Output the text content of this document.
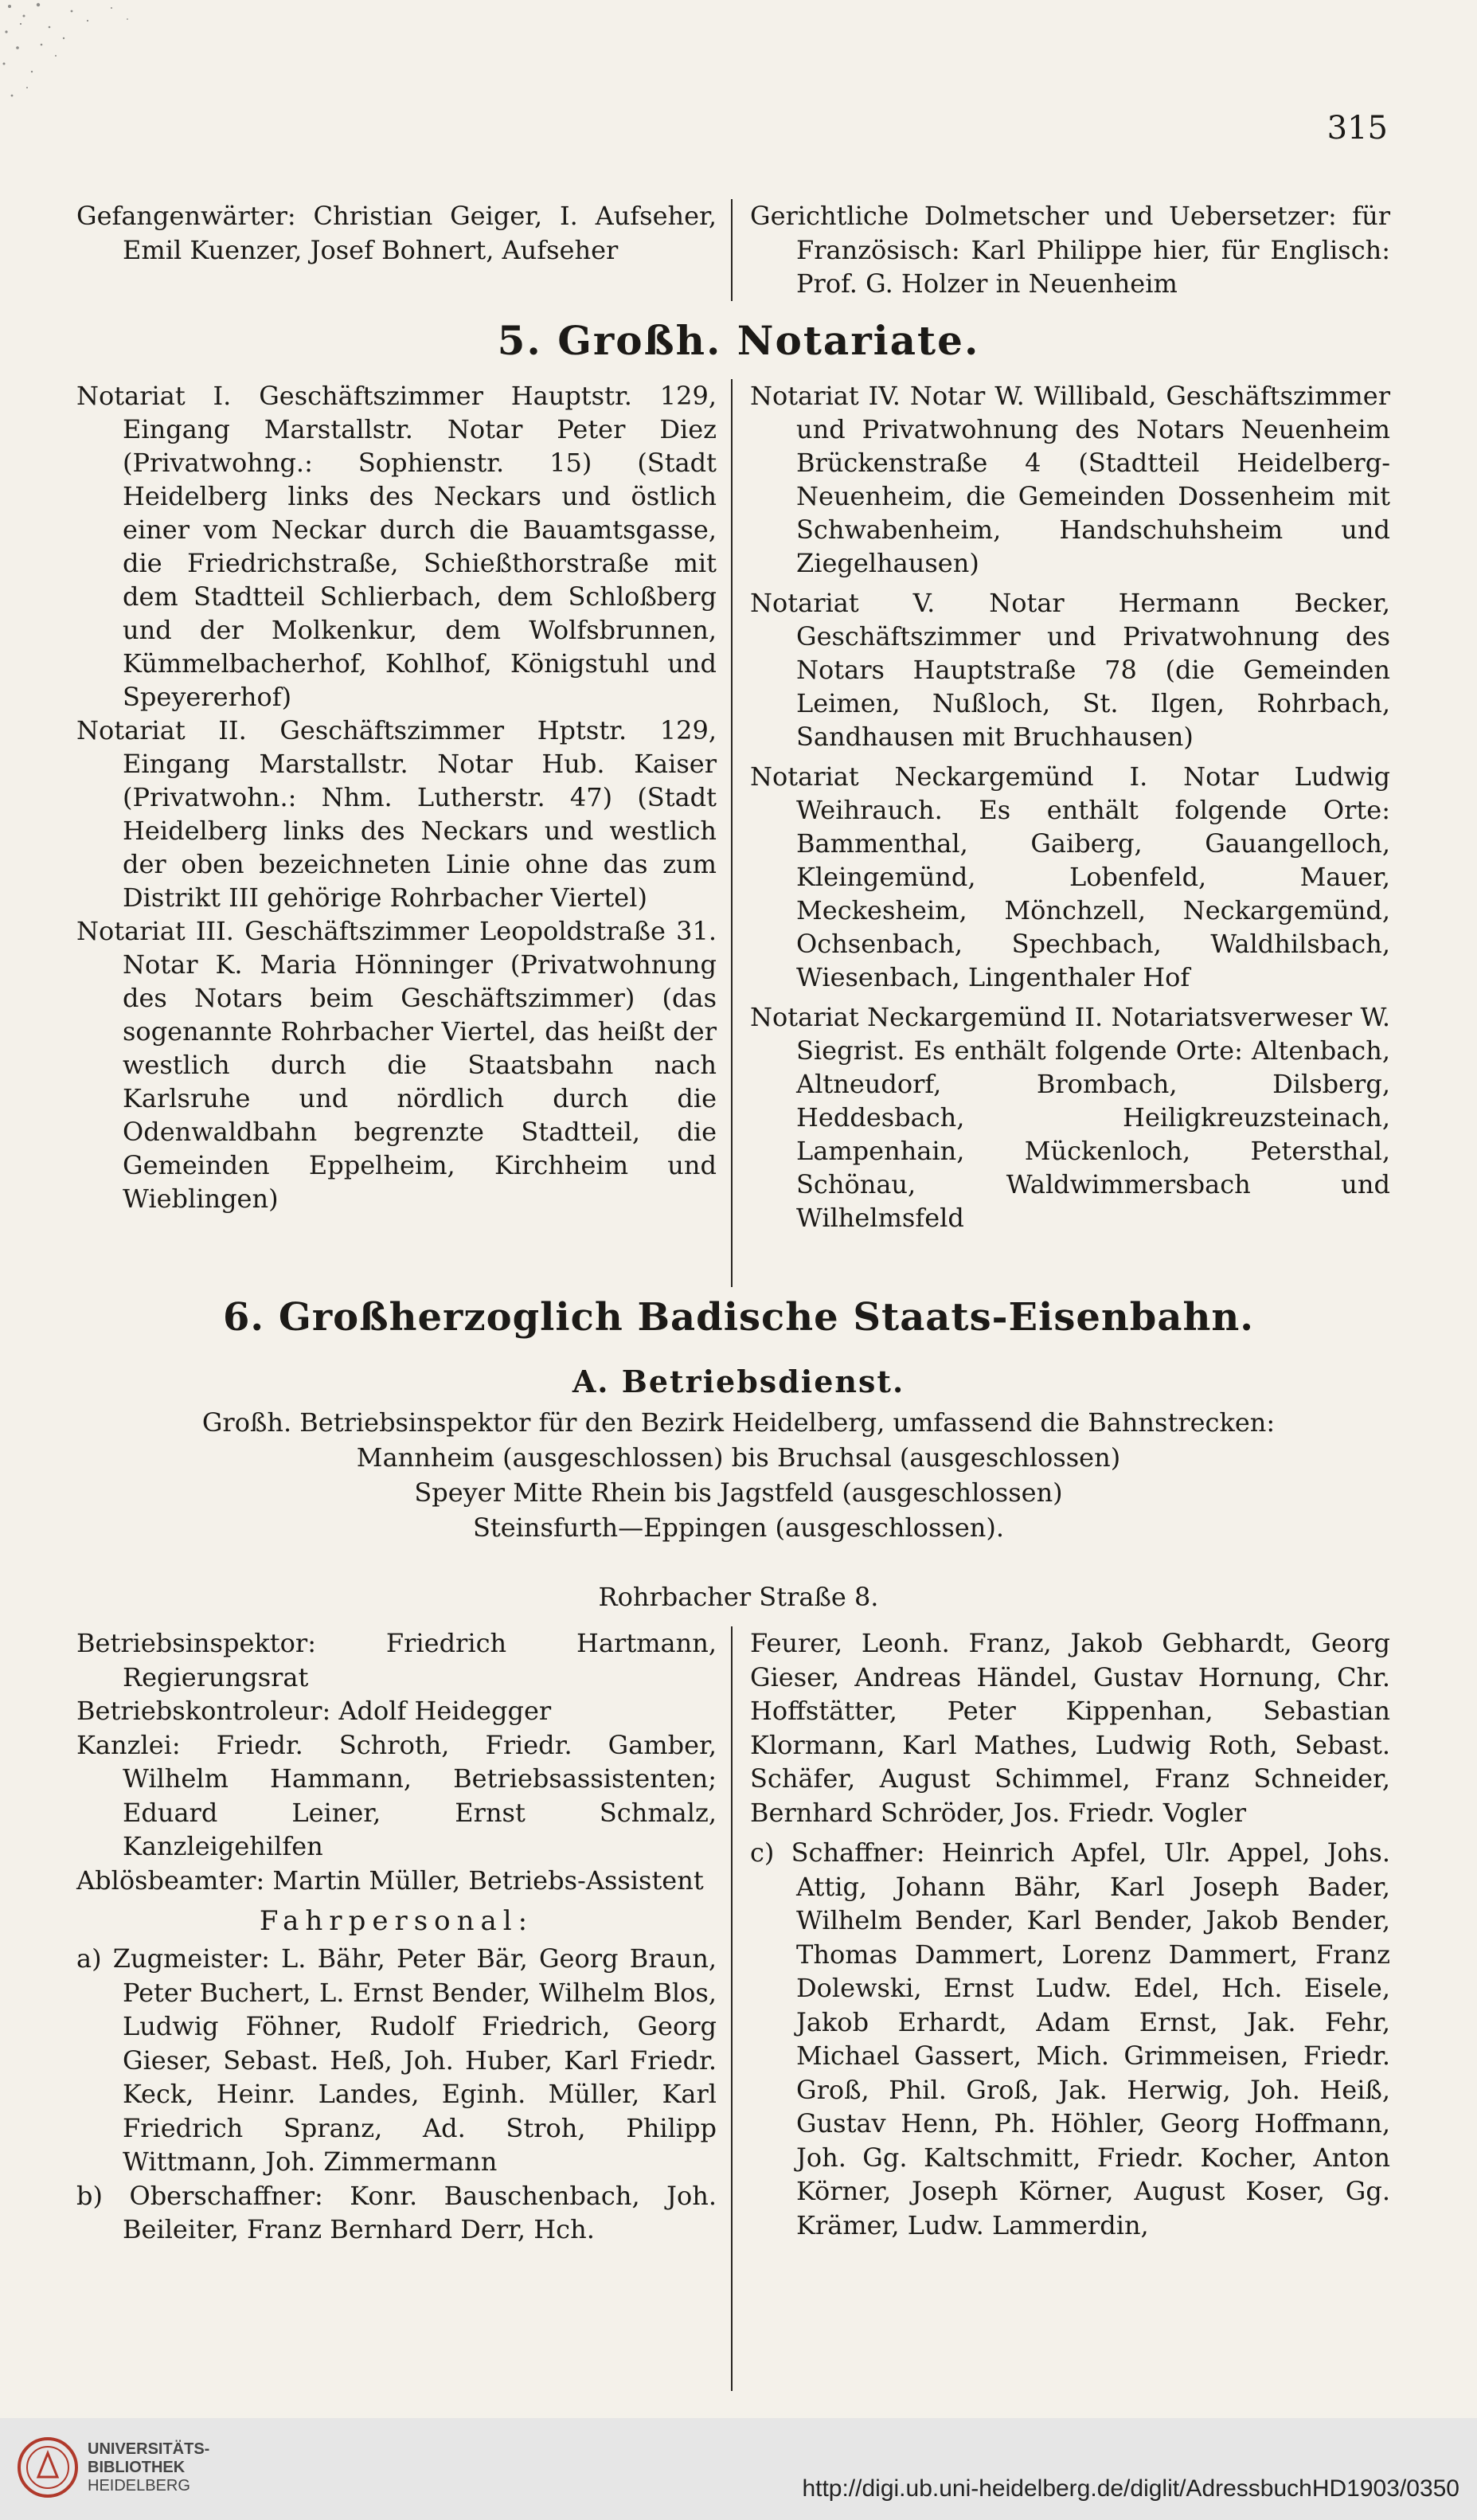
315

Gefangenwärter: Christian Geiger, I. Aufseher, Emil Kuenzer, Josef Bohnert, Aufseher

Gerichtliche Dolmetscher und Uebersetzer: für Französisch: Karl Philippe hier, für Englisch: Prof. G. Holzer in Neuenheim

5. Großh. Notariate.

Notariat I. Geschäftszimmer Hauptstr. 129, Eingang Marstallstr. Notar Peter Diez (Privatwohng.: Sophienstr. 15) (Stadt Heidelberg links des Neckars und östlich einer vom Neckar durch die Bauamtsgasse, die Friedrichstraße, Schießthorstraße mit dem Stadtteil Schlierbach, dem Schloßberg und der Molkenkur, dem Wolfsbrunnen, Kümmelbacherhof, Kohlhof, Königstuhl und Speyererhof)

Notariat II. Geschäftszimmer Hptstr. 129, Eingang Marstallstr. Notar Hub. Kaiser (Privatwohn.: Nhm. Lutherstr. 47) (Stadt Heidelberg links des Neckars und westlich der oben bezeichneten Linie ohne das zum Distrikt III gehörige Rohrbacher Viertel)

Notariat III. Geschäftszimmer Leopoldstraße 31. Notar K. Maria Hönninger (Privatwohnung des Notars beim Geschäftszimmer) (das sogenannte Rohrbacher Viertel, das heißt der westlich durch die Staatsbahn nach Karlsruhe und nördlich durch die Odenwaldbahn begrenzte Stadtteil, die Gemeinden Eppelheim, Kirchheim und Wieblingen)

Notariat IV. Notar W. Willibald, Geschäftszimmer und Privatwohnung des Notars Neuenheim Brückenstraße 4 (Stadtteil Heidelberg-Neuenheim, die Gemeinden Dossenheim mit Schwabenheim, Handschuhsheim und Ziegelhausen)

Notariat V. Notar Hermann Becker, Geschäftszimmer und Privatwohnung des Notars Hauptstraße 78 (die Gemeinden Leimen, Nußloch, St. Ilgen, Rohrbach, Sandhausen mit Bruchhausen)

Notariat Neckargemünd I. Notar Ludwig Weihrauch. Es enthält folgende Orte: Bammenthal, Gaiberg, Gauangelloch, Kleingemünd, Lobenfeld, Mauer, Meckesheim, Mönchzell, Neckargemünd, Ochsenbach, Spechbach, Waldhilsbach, Wiesenbach, Lingenthaler Hof

Notariat Neckargemünd II. Notariatsverweser W. Siegrist. Es enthält folgende Orte: Altenbach, Altneudorf, Brombach, Dilsberg, Heddesbach, Heiligkreuzsteinach, Lampenhain, Mückenloch, Petersthal, Schönau, Waldwimmersbach und Wilhelmsfeld

6. Großherzoglich Badische Staats-Eisenbahn.
A. Betriebsdienst.
Großh. Betriebsinspektor für den Bezirk Heidelberg, umfassend die Bahnstrecken:
Mannheim (ausgeschlossen) bis Bruchsal (ausgeschlossen)
Speyer Mitte Rhein bis Jagstfeld (ausgeschlossen)
Steinsfurth—Eppingen (ausgeschlossen).
Rohrbacher Straße 8.

Betriebsinspektor: Friedrich Hartmann, Regierungsrat

Betriebskontroleur: Adolf Heidegger

Kanzlei: Friedr. Schroth, Friedr. Gamber, Wilhelm Hammann, Betriebsassistenten; Eduard Leiner, Ernst Schmalz, Kanzleigehilfen

Ablösbeamter: Martin Müller, Betriebs-Assistent

Fahrpersonal:

a) Zugmeister: L. Bähr, Peter Bär, Georg Braun, Peter Buchert, L. Ernst Bender, Wilhelm Blos, Ludwig Föhner, Rudolf Friedrich, Georg Gieser, Sebast. Heß, Joh. Huber, Karl Friedr. Keck, Heinr. Landes, Eginh. Müller, Karl Friedrich Spranz, Ad. Stroh, Philipp Wittmann, Joh. Zimmermann

b) Oberschaffner: Konr. Bauschenbach, Joh. Beileiter, Franz Bernhard Derr, Hch.

Feurer, Leonh. Franz, Jakob Gebhardt, Georg Gieser, Andreas Händel, Gustav Hornung, Chr. Hoffstätter, Peter Kippenhan, Sebastian Klormann, Karl Mathes, Ludwig Roth, Sebast. Schäfer, August Schimmel, Franz Schneider, Bernhard Schröder, Jos. Friedr. Vogler

c) Schaffner: Heinrich Apfel, Ulr. Appel, Johs. Attig, Johann Bähr, Karl Joseph Bader, Wilhelm Bender, Karl Bender, Jakob Bender, Thomas Dammert, Lorenz Dammert, Franz Dolewski, Ernst Ludw. Edel, Hch. Eisele, Jakob Erhardt, Adam Ernst, Jak. Fehr, Michael Gassert, Mich. Grimmeisen, Friedr. Groß, Phil. Groß, Jak. Herwig, Joh. Heiß, Gustav Henn, Ph. Höhler, Georg Hoffmann, Joh. Gg. Kaltschmitt, Friedr. Kocher, Anton Körner, Joseph Körner, August Koser, Gg. Krämer, Ludw. Lammerdin,

UNIVERSITÄTS-
BIBLIOTHEK
HEIDELBERG	http://digi.ub.uni-heidelberg.de/diglit/AdressbuchHD1903/0350
